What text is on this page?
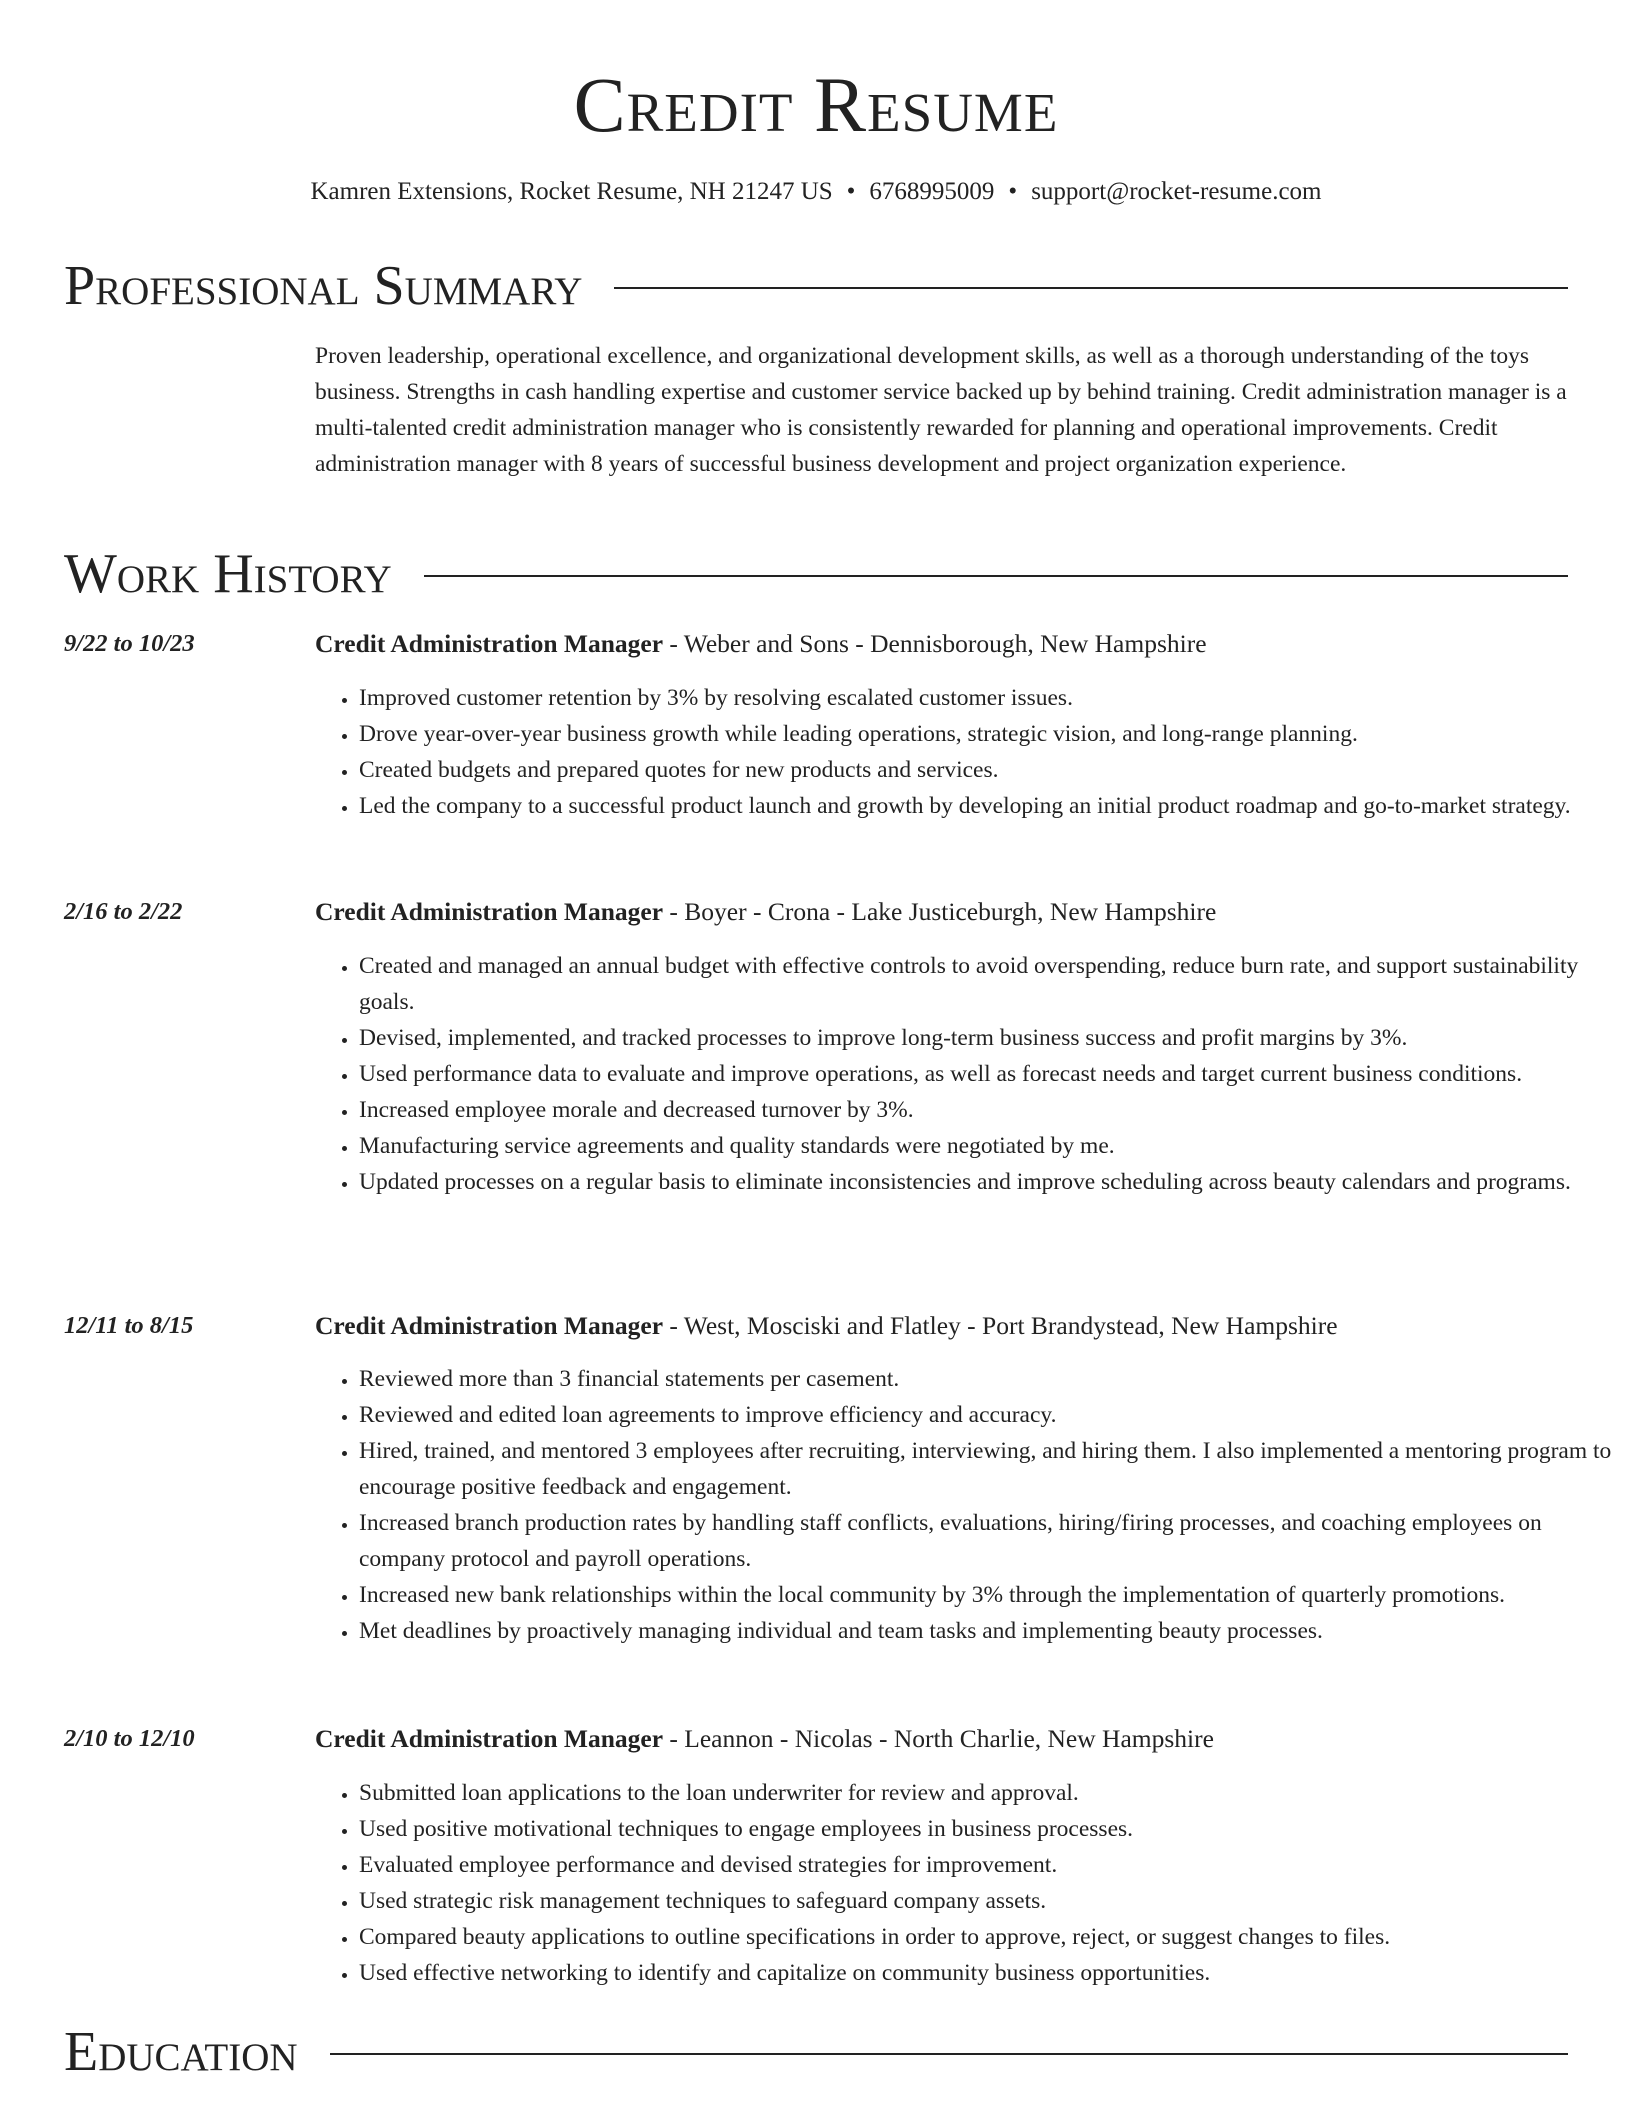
Credit Resume
Kamren Extensions, Rocket Resume, NH 21247 US • 6768995009 • support@rocket-resume.com
Professional Summary

Proven leadership, operational excellence, and organizational development skills, as well as a thorough understanding of the toys business. Strengths in cash handling expertise and customer service backed up by behind training. Credit administration manager is a multi-talented credit administration manager who is consistently rewarded for planning and operational improvements. Credit administration manager with 8 years of successful business development and project organization experience.

Work History
9/22 to 10/23	Credit Administration Manager - Weber and Sons - Dennisborough, New Hampshire
• Improved customer retention by 3% by resolving escalated customer issues.
• Drove year-over-year business growth while leading operations, strategic vision, and long-range planning.
• Created budgets and prepared quotes for new products and services.
• Led the company to a successful product launch and growth by developing an initial product roadmap and go-to-market strategy.
2/16 to 2/22	Credit Administration Manager - Boyer - Crona - Lake Justiceburgh, New Hampshire
• Created and managed an annual budget with effective controls to avoid overspending, reduce burn rate, and support sustainability goals.
• Devised, implemented, and tracked processes to improve long-term business success and profit margins by 3%.
• Used performance data to evaluate and improve operations, as well as forecast needs and target current business conditions.
• Increased employee morale and decreased turnover by 3%.
• Manufacturing service agreements and quality standards were negotiated by me.
• Updated processes on a regular basis to eliminate inconsistencies and improve scheduling across beauty calendars and programs.
12/11 to 8/15	Credit Administration Manager - West, Mosciski and Flatley - Port Brandystead, New Hampshire
• Reviewed more than 3 financial statements per casement.
• Reviewed and edited loan agreements to improve efficiency and accuracy.
• Hired, trained, and mentored 3 employees after recruiting, interviewing, and hiring them. I also implemented a mentoring program to encourage positive feedback and engagement.
• Increased branch production rates by handling staff conflicts, evaluations, hiring/firing processes, and coaching employees on company protocol and payroll operations.
• Increased new bank relationships within the local community by 3% through the implementation of quarterly promotions.
• Met deadlines by proactively managing individual and team tasks and implementing beauty processes.
2/10 to 12/10	Credit Administration Manager - Leannon - Nicolas - North Charlie, New Hampshire
• Submitted loan applications to the loan underwriter for review and approval.
• Used positive motivational techniques to engage employees in business processes.
• Evaluated employee performance and devised strategies for improvement.
• Used strategic risk management techniques to safeguard company assets.
• Compared beauty applications to outline specifications in order to approve, reject, or suggest changes to files.
• Used effective networking to identify and capitalize on community business opportunities.
Education
